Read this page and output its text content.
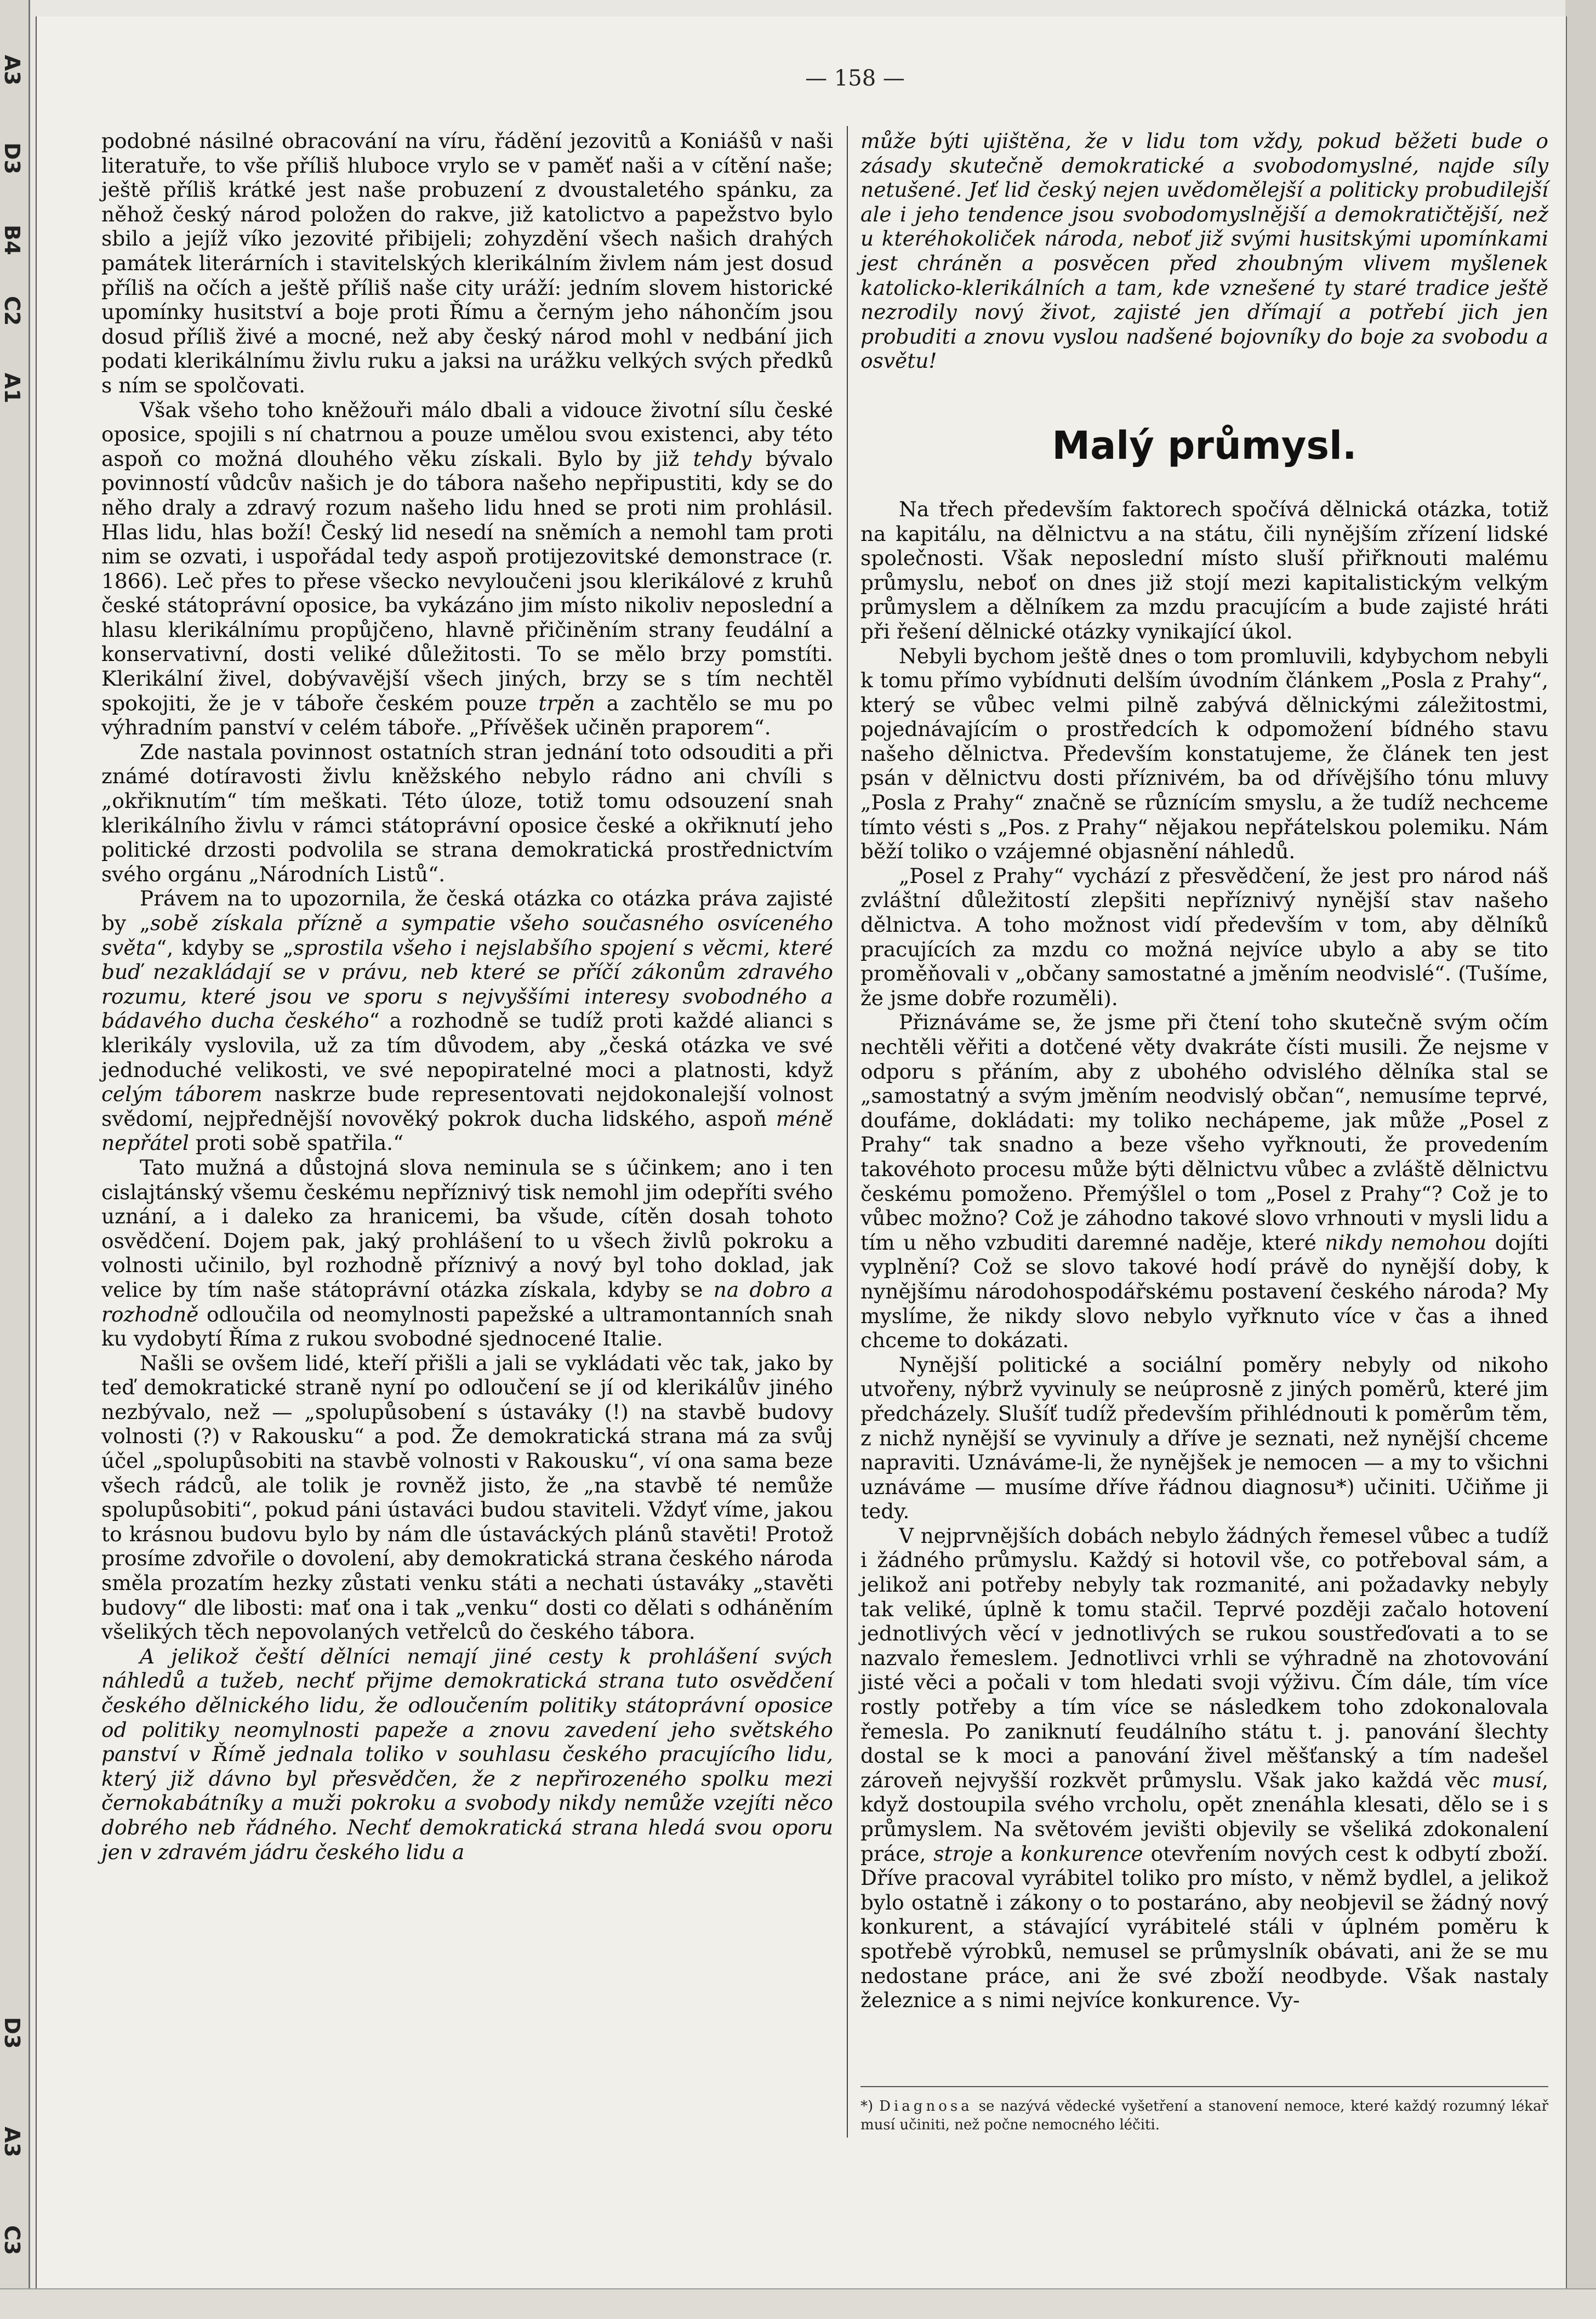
A3
D3
B4
C2
A1
D3
A3
C3
— 158 —

podobné násilné obracování na víru, řádění jezovitů a Koniášů v naši literatuře, to vše příliš hluboce vrylo se v paměť naši a v cítění naše; ještě příliš krátké jest naše probuzení z dvoustaletého spánku, za něhož český národ položen do rakve, již katolictvo a papežstvo bylo sbilo a jejíž víko jezovité přibijeli; zohyzdění všech našich drahých památek literárních i stavitelských klerikálním živlem nám jest dosud příliš na očích a ještě příliš naše city uráží: jedním slovem historické upomínky husitství a boje proti Římu a černým jeho náhončím jsou dosud příliš živé a mocné, než aby český národ mohl v nedbání jich podati klerikálnímu živlu ruku a jaksi na urážku velkých svých předků s ním se spolčovati.

Však všeho toho kněžouři málo dbali a vidouce životní sílu české oposice, spojili s ní chatrnou a pouze umělou svou existenci, aby této aspoň co možná dlouhého věku získali. Bylo by již tehdy bývalo povinností vůdcův našich je do tábora našeho nepřipustiti, kdy se do něho draly a zdravý rozum našeho lidu hned se proti nim prohlásil. Hlas lidu, hlas boží! Český lid nesedí na sněmích a nemohl tam proti nim se ozvati, i uspořádal tedy aspoň protijezovitské demonstrace (r. 1866). Leč přes to přese všecko nevyloučeni jsou klerikálové z kruhů české státoprávní oposice, ba vykázáno jim místo nikoliv neposlední a hlasu klerikálnímu propůjčeno, hlavně přičiněním strany feudální a konservativní, dosti veliké důležitosti. To se mělo brzy pomstíti. Klerikální živel, dobývavější všech jiných, brzy se s tím nechtěl spokojiti, že je v táboře českém pouze trpěn a zachtělo se mu po výhradním panství v celém táboře. „Přívěšek učiněn praporem“.

Zde nastala povinnost ostatních stran jednání toto odsouditi a při známé dotíravosti živlu kněžského nebylo rádno ani chvíli s „okřiknutím“ tím meškati. Této úloze, totiž tomu odsouzení snah klerikálního živlu v rámci státoprávní oposice české a okřiknutí jeho politické drzosti podvolila se strana demokratická prostřednictvím svého orgánu „Národních Listů“.

Právem na to upozornila, že česká otázka co otázka práva zajisté by „sobě získala přízně a sympatie všeho současného osvíceného světa“, kdyby se „sprostila všeho i nejslabšího spojení s věcmi, které buď nezakládají se v právu, neb které se příčí zákonům zdravého rozumu, které jsou ve sporu s nejvyššími interesy svobodného a bádavého ducha českého“ a rozhodně se tudíž proti každé alianci s klerikály vyslovila, už za tím důvodem, aby „česká otázka ve své jednoduché velikosti, ve své nepopiratelné moci a platnosti, když celým táborem naskrze bude representovati nejdokonalejší volnost svědomí, nejpřednější novověký pokrok ducha lidského, aspoň méně nepřátel proti sobě spatřila.“

Tato mužná a důstojná slova neminula se s účinkem; ano i ten cislajtánský všemu českému nepříznivý tisk nemohl jim odepříti svého uznání, a i daleko za hranicemi, ba všude, cítěn dosah tohoto osvědčení. Dojem pak, jaký prohlášení to u všech živlů pokroku a volnosti učinilo, byl rozhodně příznivý a nový byl toho doklad, jak velice by tím naše státoprávní otázka získala, kdyby se na dobro a rozhodně odloučila od neomylnosti papežské a ultramontanních snah ku vydobytí Říma z rukou svobodné sjednocené Italie.

Našli se ovšem lidé, kteří přišli a jali se vykládati věc tak, jako by teď demokratické straně nyní po odloučení se jí od klerikálův jiného nezbývalo, než — „spolupůsobení s ústaváky (!) na stavbě budovy volnosti (?) v Rakousku“ a pod. Že demokratická strana má za svůj účel „spolupůsobiti na stavbě volnosti v Rakousku“, ví ona sama beze všech rádců, ale tolik je rovněž jisto, že „na stavbě té nemůže spolupůsobiti“, pokud páni ústaváci budou staviteli. Vždyť víme, jakou to krásnou budovu bylo by nám dle ústaváckých plánů stavěti! Protož prosíme zdvořile o dovolení, aby demokratická strana českého národa směla prozatím hezky zůstati venku státi a nechati ústaváky „stavěti budovy“ dle libosti: mať ona i tak „venku“ dosti co dělati s odháněním všelikých těch nepovolaných vetřelců do českého tábora.

A jelikož čeští dělníci nemají jiné cesty k prohlášení svých náhledů a tužeb, nechť přijme demokratická strana tuto osvědčení českého dělnického lidu, že odloučením politiky státoprávní oposice od politiky neomylnosti papeže a znovu zavedení jeho světského panství v Římě jednala toliko v souhlasu českého pracujícího lidu, který již dávno byl přesvědčen, že z nepřirozeného spolku mezi černokabátníky a muži pokroku a svobody nikdy nemůže vzejíti něco dobrého neb řádného. Nechť demokratická strana hledá svou oporu jen v zdravém jádru českého lidu a

může býti ujištěna, že v lidu tom vždy, pokud běžeti bude o zásady skutečně demokratické a svobodomyslné, najde síly netušené. Jeť lid český nejen uvědomělejší a politicky probudilejší ale i jeho tendence jsou svobodomyslnější a demokratičtější, než u kteréhokoliček národa, neboť již svými husitskými upomínkami jest chráněn a posvěcen před zhoubným vlivem myšlenek katolicko-klerikálních a tam, kde vznešené ty staré tradice ještě nezrodily nový život, zajisté jen dřímají a potřebí jich jen probuditi a znovu vyslou nadšené bojovníky do boje za svobodu a osvětu!

Malý průmysl.

Na třech především faktorech spočívá dělnická otázka, totiž na kapitálu, na dělnictvu a na státu, čili nynějším zřízení lidské společnosti. Však neposlední místo sluší přiřknouti malému průmyslu, neboť on dnes již stojí mezi kapitalistickým velkým průmyslem a dělníkem za mzdu pracujícím a bude zajisté hráti při řešení dělnické otázky vynikající úkol.

Nebyli bychom ještě dnes o tom promluvili, kdybychom nebyli k tomu přímo vybídnuti delším úvodním článkem „Posla z Prahy“, který se vůbec velmi pilně zabývá dělnickými záležitostmi, pojednávajícím o prostředcích k odpomožení bídného stavu našeho dělnictva. Především konstatujeme, že článek ten jest psán v dělnictvu dosti příznivém, ba od dřívějšího tónu mluvy „Posla z Prahy“ značně se různícím smyslu, a že tudíž nechceme tímto vésti s „Pos. z Prahy“ nějakou nepřátelskou polemiku. Nám běží toliko o vzájemné objasnění náhledů.

„Posel z Prahy“ vychází z přesvědčení, že jest pro národ náš zvláštní důležitostí zlepšiti nepříznivý nynější stav našeho dělnictva. A toho možnost vidí především v tom, aby dělníků pracujících za mzdu co možná nejvíce ubylo a aby se tito proměňovali v „občany samostatné a jměním neodvislé“. (Tušíme, že jsme dobře rozuměli).

Přiznáváme se, že jsme při čtení toho skutečně svým očím nechtěli věřiti a dotčené věty dvakráte čísti musili. Že nejsme v odporu s přáním, aby z ubohého odvislého dělníka stal se „samostatný a svým jměním neodvislý občan“, nemusíme teprvé, doufáme, dokládati: my toliko nechápeme, jak může „Posel z Prahy“ tak snadno a beze všeho vyřknouti, že provedením takovéhoto procesu může býti dělnictvu vůbec a zvláště dělnictvu českému pomoženo. Přemýšlel o tom „Posel z Prahy“? Což je to vůbec možno? Což je záhodno takové slovo vrhnouti v mysli lidu a tím u něho vzbuditi daremné naděje, které nikdy nemohou dojíti vyplnění? Což se slovo takové hodí právě do nynější doby, k nynějšímu národohospodářskému postavení českého národa? My myslíme, že nikdy slovo nebylo vyřknuto více v čas a ihned chceme to dokázati.

Nynější politické a sociální poměry nebyly od nikoho utvořeny, nýbrž vyvinuly se neúprosně z jiných poměrů, které jim předcházely. Slušíť tudíž především přihlédnouti k poměrům těm, z nichž nynější se vyvinuly a dříve je seznati, než nynější chceme napraviti. Uznáváme-li, že nynějšek je nemocen — a my to všichni uznáváme — musíme dříve řádnou diagnosu*) učiniti. Učiňme ji tedy.

V nejprvnějších dobách nebylo žádných řemesel vůbec a tudíž i žádného průmyslu. Každý si hotovil vše, co potřeboval sám, a jelikož ani potřeby nebyly tak rozmanité, ani požadavky nebyly tak veliké, úplně k tomu stačil. Teprvé později začalo hotovení jednotlivých věcí v jednotlivých se rukou soustřeďovati a to se nazvalo řemeslem. Jednotlivci vrhli se výhradně na zhotovování jisté věci a počali v tom hledati svoji výživu. Čím dále, tím více rostly potřeby a tím více se následkem toho zdokonalovala řemesla. Po zaniknutí feudálního státu t. j. panování šlechty dostal se k moci a panování živel měšťanský a tím nadešel zároveň nejvyšší rozkvět průmyslu. Však jako každá věc musí, když dostoupila svého vrcholu, opět znenáhla klesati, dělo se i s průmyslem. Na světovém jevišti objevily se všeliká zdokonalení práce, stroje a konkurence otevřením nových cest k odbytí zboží. Dříve pracoval vyrábitel toliko pro místo, v němž bydlel, a jelikož bylo ostatně i zákony o to postaráno, aby neobjevil se žádný nový konkurent, a stávající vyrábitelé stáli v úplném poměru k spotřebě výrobků, nemusel se průmyslník obávati, ani že se mu nedostane práce, ani že své zboží neodbyde. Však nastaly železnice a s nimi nejvíce konkurence. Vy-

*) Diagnosa se nazývá vědecké vyšetření a stanovení nemoce, které každý rozumný lékař musí učiniti, než počne nemocného léčiti.
